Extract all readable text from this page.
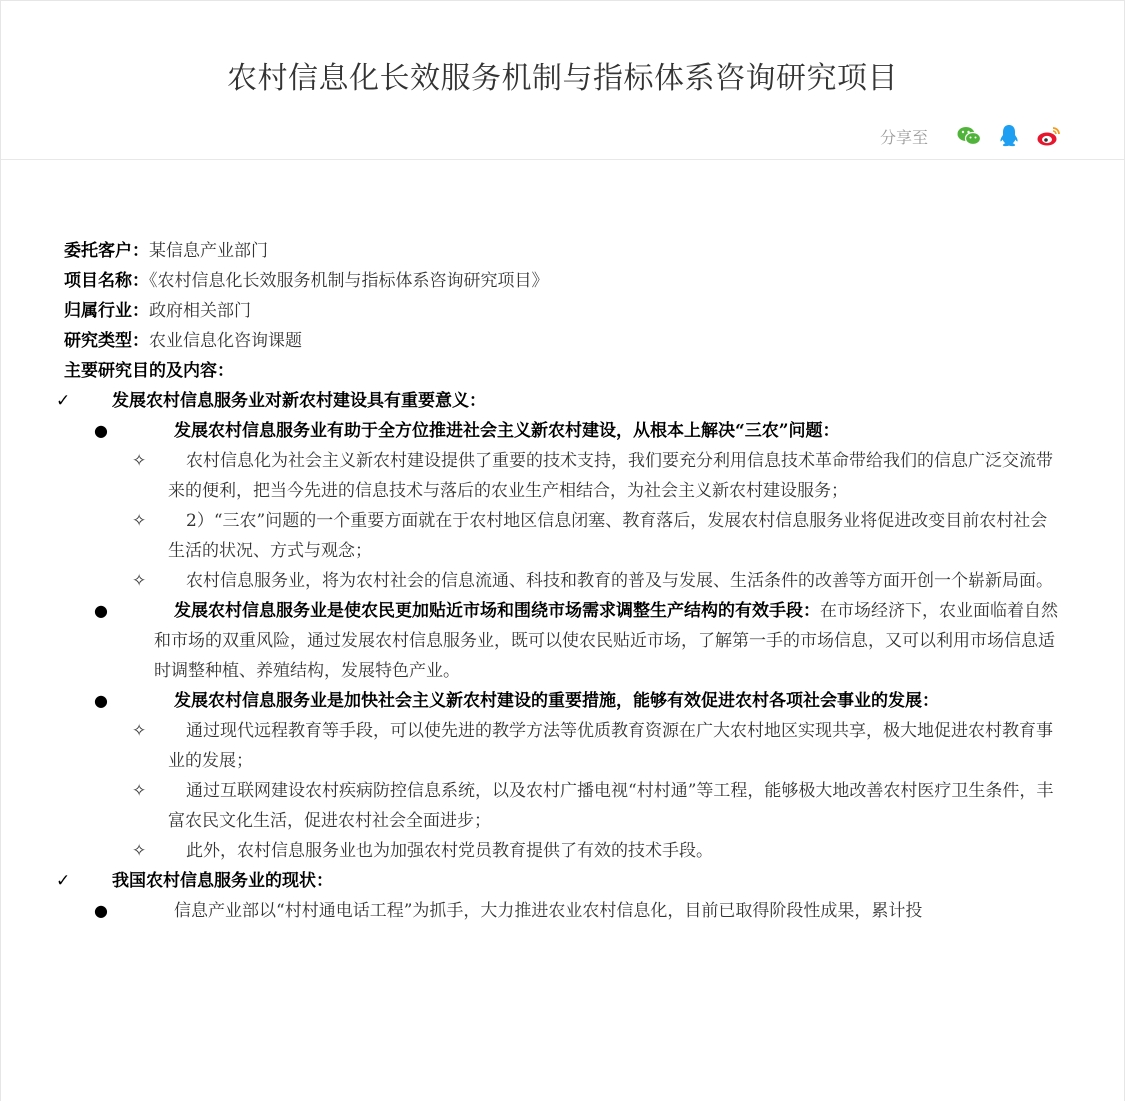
农村信息化长效服务机制与指标体系咨询研究项目
分享至
委托客户：某信息产业部门
项目名称：《农村信息化长效服务机制与指标体系咨询研究项目》
归属行业：政府相关部门
研究类型：农业信息化咨询课题
主要研究目的及内容：
✓ 发展农村信息服务业对新农村建设具有重要意义：
●	发展农村信息服务业有助于全方位推进社会主义新农村建设，从根本上解决“三农”问题：
✧ 农村信息化为社会主义新农村建设提供了重要的技术支持，我们要充分利用信息技术革命带给我们的信息广泛交流带来的便利，把当今先进的信息技术与落后的农业生产相结合，为社会主义新农村建设服务；
✧ 2）“三农”问题的一个重要方面就在于农村地区信息闭塞、教育落后，发展农村信息服务业将促进改变目前农村社会生活的状况、方式与观念；
✧ 农村信息服务业，将为农村社会的信息流通、科技和教育的普及与发展、生活条件的改善等方面开创一个崭新局面。
●	发展农村信息服务业是使农民更加贴近市场和围绕市场需求调整生产结构的有效手段：在市场经济下，农业面临着自然和市场的双重风险，通过发展农村信息服务业，既可以使农民贴近市场，了解第一手的市场信息，又可以利用市场信息适时调整种植、养殖结构，发展特色产业。
●	发展农村信息服务业是加快社会主义新农村建设的重要措施，能够有效促进农村各项社会事业的发展：
✧ 通过现代远程教育等手段，可以使先进的教学方法等优质教育资源在广大农村地区实现共享，极大地促进农村教育事业的发展；
✧ 通过互联网建设农村疾病防控信息系统，以及农村广播电视“村村通”等工程，能够极大地改善农村医疗卫生条件，丰富农民文化生活，促进农村社会全面进步；
✧ 此外，农村信息服务业也为加强农村党员教育提供了有效的技术手段。
✓ 我国农村信息服务业的现状：
●	信息产业部以“村村通电话工程”为抓手，大力推进农业农村信息化，目前已取得阶段性成果，累计投
